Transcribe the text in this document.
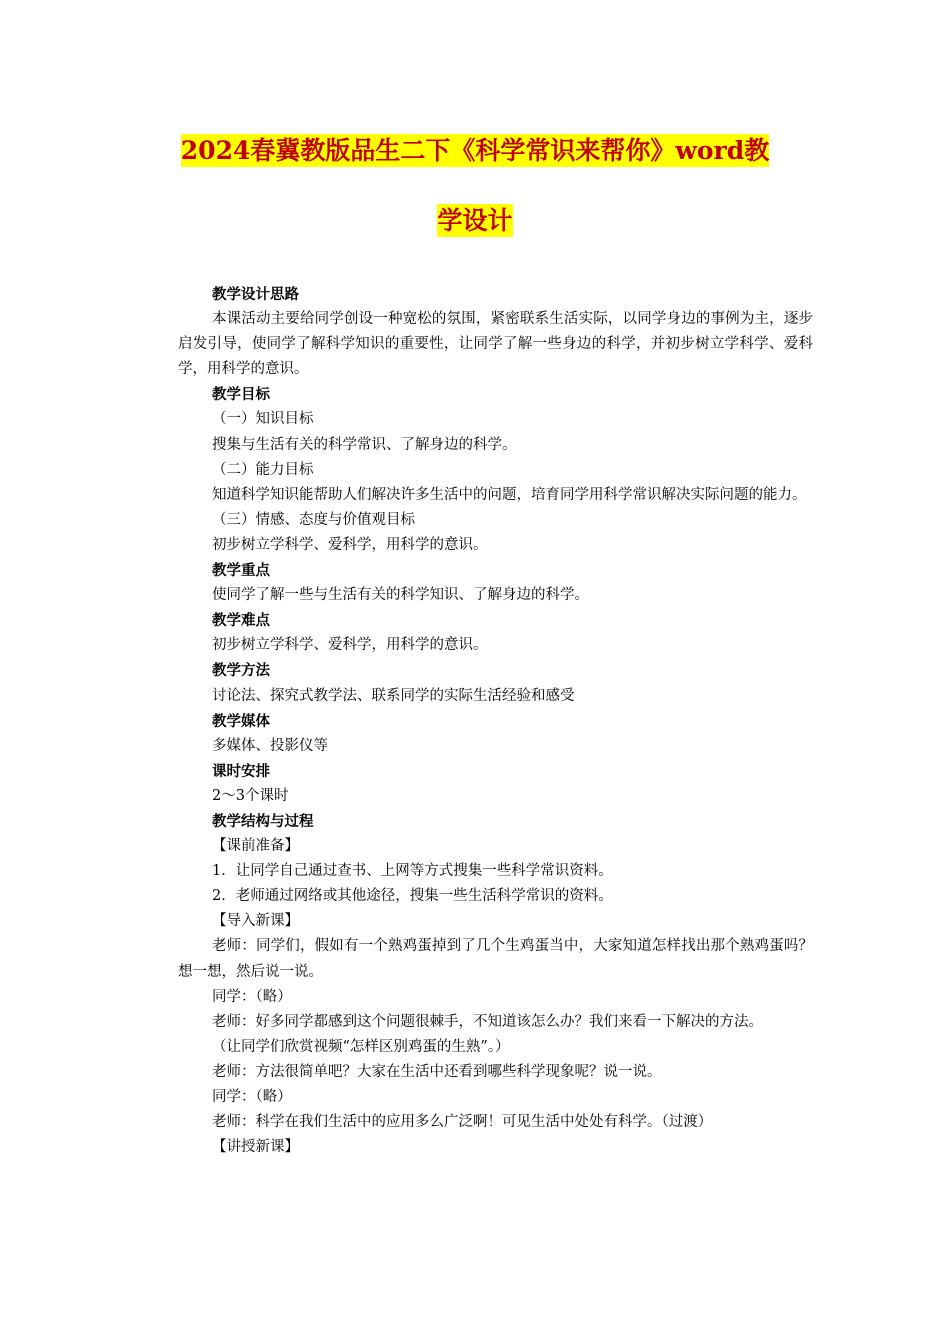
2024春冀教版品生二下《科学常识来帮你》word教
学设计

教学设计思路

本课活动主要给同学创设一种宽松的氛围，紧密联系生活实际，以同学身边的事例为主，逐步启发引导，使同学了解科学知识的重要性，让同学了解一些身边的科学，并初步树立学科学、爱科学，用科学的意识。

教学目标

（一）知识目标

搜集与生活有关的科学常识、了解身边的科学。

（二）能力目标

知道科学知识能帮助人们解决许多生活中的问题，培育同学用科学常识解决实际问题的能力。

（三）情感、态度与价值观目标

初步树立学科学、爱科学，用科学的意识。

教学重点

使同学了解一些与生活有关的科学知识、了解身边的科学。

教学难点

初步树立学科学、爱科学，用科学的意识。

教学方法

讨论法、探究式教学法、联系同学的实际生活经验和感受

教学媒体

多媒体、投影仪等

课时安排

2～3个课时

教学结构与过程

【课前准备】

1．让同学自己通过查书、上网等方式搜集一些科学常识资料。

2．老师通过网络或其他途径，搜集一些生活科学常识的资料。

【导入新课】

老师：同学们，假如有一个熟鸡蛋掉到了几个生鸡蛋当中，大家知道怎样找出那个熟鸡蛋吗？想一想，然后说一说。

同学：（略）

老师：好多同学都感到这个问题很棘手，不知道该怎么办？我们来看一下解决的方法。

（让同学们欣赏视频“怎样区别鸡蛋的生熟”。）

老师：方法很简单吧？大家在生活中还看到哪些科学现象呢？说一说。

同学：（略）

老师：科学在我们生活中的应用多么广泛啊！可见生活中处处有科学。（过渡）

【讲授新课】
